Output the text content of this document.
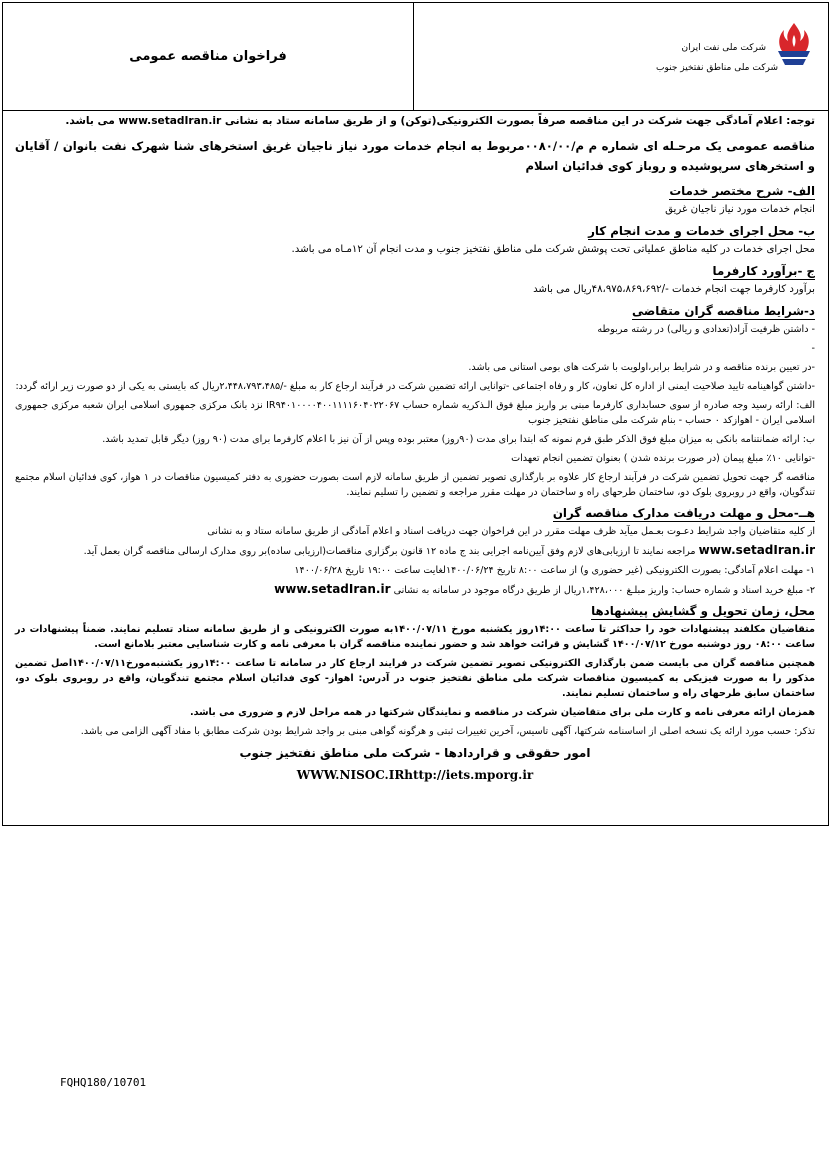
فراخوان مناقصه عمومی
شرکت ملی نفت ایران
شرکت ملی مناطق نفتخیز جنوب

توجه: اعلام آمادگی جهت شرکت در این مناقصه صرفاً بصورت الکترونیکی(توکن) و از طریق سامانه ستاد به نشانی www.setadIran.ir می باشد.

مناقصه عمومی یک مرحـله ای شماره م م/۰۰۸۰/۰۰مربوط به انجام خدمات مورد نیاز ناجیان غریق استخرهای شنا شهرک نفت بانوان / آقایان و استخرهای سرپوشیده و روباز کوی فدائیان اسلام

الف- شرح مختصر خدمات

انجام خدمات مورد نیاز ناجیان غریق

ب- محل اجرای خدمات و مدت انجام کار

محل اجرای خدمات در کلیه مناطق عملیاتی تحت پوشش شرکت ملی مناطق نفتخیز جنوب و مدت انجام آن ۱۲مـاه می باشد.

ج -برآورد کارفرما

برآورد کارفرما جهت انجام خدمات -/۴۸،۹۷۵،۸۶۹،۶۹۲ریال می باشد

د-شرایط مناقصه گران متقاضی

- داشتن ظرفیت آزاد(تعدادی و ریالی) در رشته مربوطه

-

-در تعیین برنده مناقصه و در شرایط برابر،اولویت با شرکت های بومی استانی می باشد.

-داشتن گواهینامه تایید صلاحیت ایمنی از اداره کل تعاون، کار و رفاه اجتماعی -توانایی ارائه تضمین شرکت در فرآیند ارجاع کار به مبلغ -/۲،۴۴۸،۷۹۳،۴۸۵ریال که بایستی به یکی از دو صورت زیر ارائه گردد:

الف: ارائه رسید وجه صادره از سوی حسابداری کارفرما مبنی بر واریز مبلغ فوق الـذکریه شماره حساب IR۹۴۰۱۰۰۰۰۴۰۰۱۱۱۱۶۰۴۰۲۲۰۶۷ نزد بانک مرکزی جمهوری اسلامی ایران شعبه مرکزی جمهوری اسلامی ایران - اهوازکد ۰ حساب - بنام شرکت ملی مناطق نفتخیز جنوب

ب: ارائه ضمانتنامه بانکی به میزان مبلغ فوق الذکر طبق فرم نمونه که ابتدا برای مدت (۹۰روز) معتبر بوده وپس از آن نیز با اعلام کارفرما برای مدت (۹۰ روز) دیگر قابل تمدید باشد.

-توانایی ۱۰٪ مبلغ پیمان (در صورت برنده شدن ) بعنوان تضمین انجام تعهدات

مناقصه گر جهت تحویل تضمین شرکت در فرآیند ارجاع کار علاوه بر بارگذاری تصویر تضمین از طریق سامانه لازم است بصورت حضوری به دفتر کمیسیون مناقصات در ۱ هواز، کوی فدائیان اسلام مجتمع تندگویان، واقع در روبروی بلوک دو، ساختمان طرحهای راه و ساختمان در مهلت مقرر مراجعه و تضمین را تسلیم نمایند.

هــ-محل و مهلت دریافت مدارک مناقصه گران

از کلیه متقاضیان واجد شرایط دعـوت بعـمل میآید ظرف مهلت مقرر در این فراخوان جهت دریافت اسناد و اعلام آمادگی از طریق سامانه ستاد و به نشانی

www.setadIran.ir مراجعه نمایند تا ارزیابی‌های لازم وفق آیین‌نامه اجرایی بند ج ماده ۱۲ قانون برگزاری مناقصات(ارزیابی ساده)بر روی مدارک ارسالی مناقصه گران بعمل آید.

۱- مهلت اعلام آمادگی: بصورت الکترونیکی (غیر حضوری و) از ساعت ۸:۰۰ تاریخ ۱۴۰۰/۰۶/۲۴لغایت ساعت ۱۹:۰۰ تاریخ ۱۴۰۰/۰۶/۲۸

۲- مبلغ خرید اسناد و شماره حساب: واریز مبلـغ ۱،۴۲۸،۰۰۰ریال از طریق درگاه موجود در سامانه به نشانی www.setadIran.ir

محل، زمان تحویل و گشایش پیشنهادها

متقاضیان مکلفند پیشنهادات خود را حداکثر تا ساعت ۱۴:۰۰روز یکشنبه مورخ ۱۴۰۰/۰۷/۱۱به صورت الکترونیکی و از طریق سامانه ستاد تسلیم نمایند. ضمناً پیشنهادات در ساعت ۰۸:۰۰ روز دوشنبه مورخ ۱۴۰۰/۰۷/۱۲ گشایش و قرائت خواهد شد و حضور نماینده مناقصه گران با معرفی نامه و کارت شناسایی معتبر بلامانع است.

همچنین مناقصه گران می بایست ضمن بارگذاری الکترونیکی تصویر تضمین شرکت در فرایند ارجاع کار در سامانه تا ساعت ۱۴:۰۰روز یکشنبه‌مورخ۱۴۰۰/۰۷/۱۱اصل تضمین مذکور را به صورت فیزیکی به کمیسیون مناقصات شرکت ملی مناطق نفتخیز جنوب در آدرس: اهواز- کوی فدائیان اسلام مجتمع تندگویان، واقع در روبروی بلوک دو، ساختمان سابق طرحهای راه و ساختمان تسلیم نمایند.

همزمان ارائه معرفی نامه و کارت ملی برای متقاضیان شرکت در مناقصه و نمایندگان شرکتها در همه مراحل لازم و ضروری می باشد.

تذکر: حسب مورد ارائه یک نسخه اصلی از اساسنامه شرکتها، آگهی تاسیس، آخرین تغییرات ثبتی و هرگونه گواهی مبنی بر واجد شرایط بودن شرکت مطابق با مفاد آگهی الزامی می باشد.

امور حقوقی و قراردادها - شرکت ملی مناطق نفتخیز جنوب

WWW.NISOC.IRhttp://iets.mporg.ir

FQHQ180/10701
